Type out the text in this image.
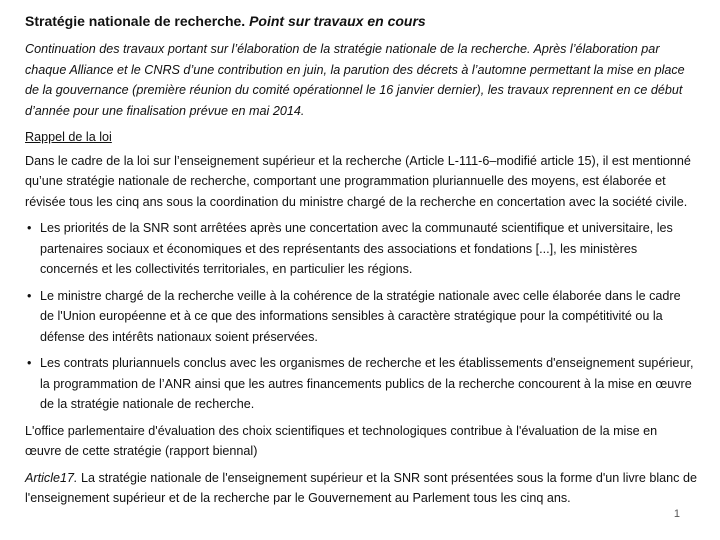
Stratégie nationale de recherche. Point sur travaux en cours

Continuation des travaux portant sur l’élaboration de la stratégie nationale de la recherche. Après l’élaboration par chaque Alliance et le CNRS d’une contribution en juin, la parution des décrets à l’automne permettant la mise en place de la gouvernance (première réunion du comité opérationnel le 16 janvier dernier), les travaux reprennent en ce début d’année pour une finalisation prévue en mai 2014.

Rappel de la loi

Dans le cadre de la loi sur l’enseignement supérieur et la recherche (Article L-111-6–modifié article 15), il est mentionné qu’une stratégie nationale de recherche, comportant une programmation pluriannuelle des moyens, est élaborée et révisée tous les cinq ans sous la coordination du ministre chargé de la recherche en concertation avec la société civile.

• Les priorités de la SNR sont arrêtées après une concertation avec la communauté scientifique et universitaire, les partenaires sociaux et économiques et des représentants des associations et fondations [...], les ministères concernés et les collectivités territoriales, en particulier les régions.
• Le ministre chargé de la recherche veille à la cohérence de la stratégie nationale avec celle élaborée dans le cadre de l'Union européenne et à ce que des informations sensibles à caractère stratégique pour la compétitivité ou la défense des intérêts nationaux soient préservées.
• Les contrats pluriannuels conclus avec les organismes de recherche et les établissements d'enseignement supérieur, la programmation de l’ANR ainsi que les autres financements publics de la recherche concourent à la mise en œuvre de la stratégie nationale de recherche.

L'office parlementaire d'évaluation des choix scientifiques et technologiques contribue à l'évaluation de la mise en œuvre de cette stratégie (rapport biennal)

Article17. La stratégie nationale de l'enseignement supérieur et la SNR sont présentées sous la forme d'un livre blanc de l'enseignement supérieur et de la recherche par le Gouvernement au Parlement tous les cinq ans.

1
